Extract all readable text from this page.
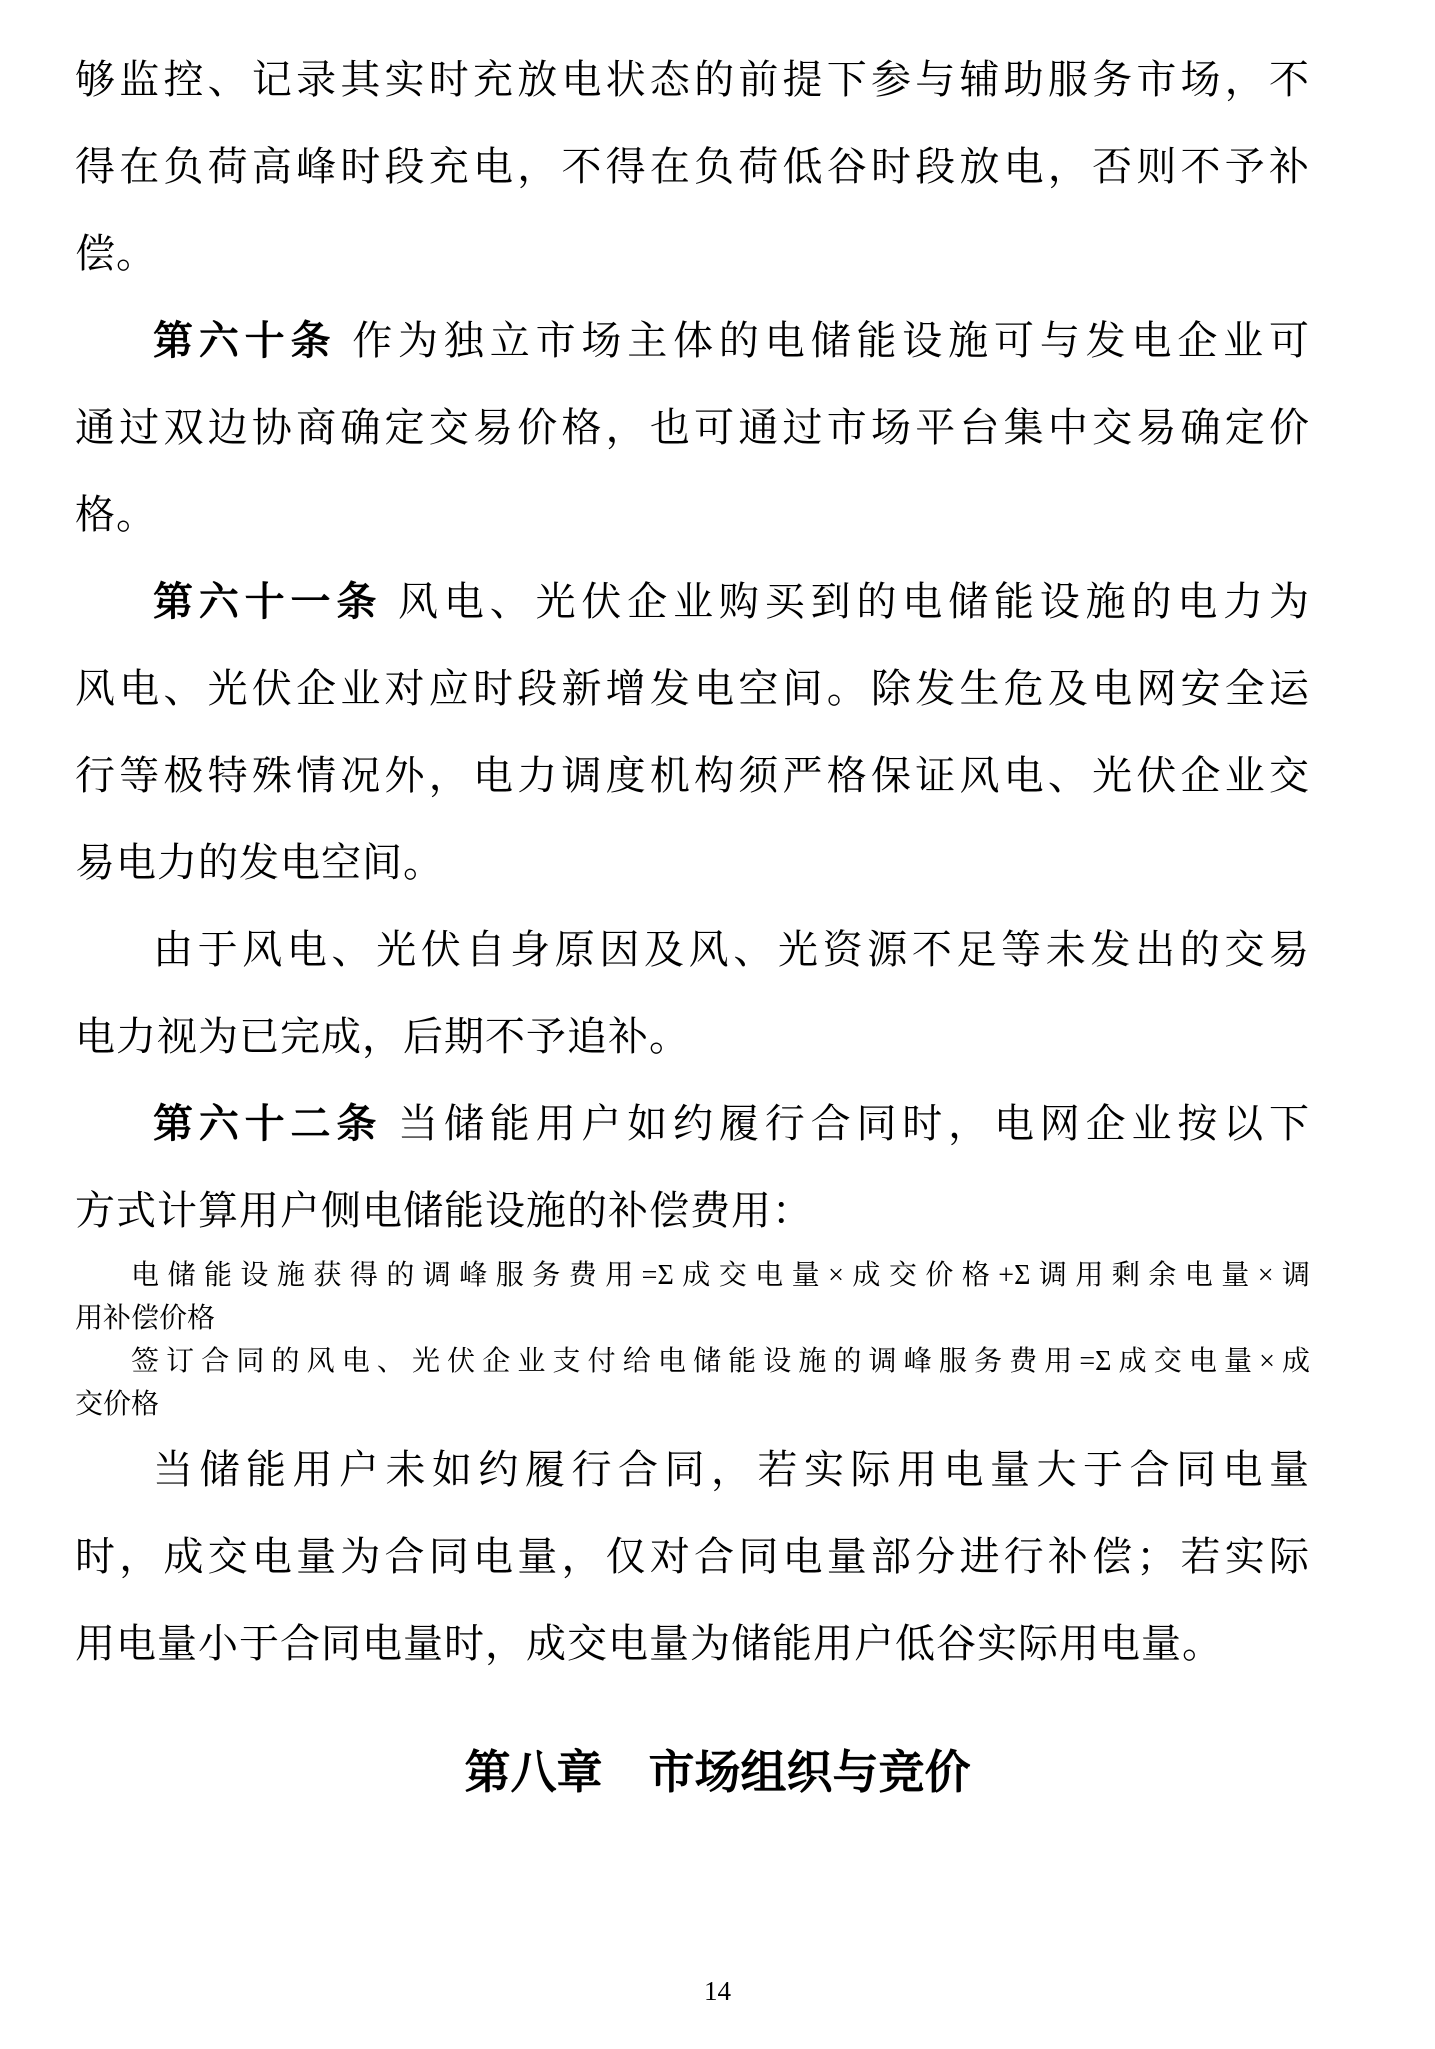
够监控、记录其实时充放电状态的前提下参与辅助服务市场，不
得在负荷高峰时段充电，不得在负荷低谷时段放电，否则不予补
偿。
第六十条 作为独立市场主体的电储能设施可与发电企业可
通过双边协商确定交易价格，也可通过市场平台集中交易确定价
格。
第六十一条 风电、光伏企业购买到的电储能设施的电力为
风电、光伏企业对应时段新增发电空间。除发生危及电网安全运
行等极特殊情况外，电力调度机构须严格保证风电、光伏企业交
易电力的发电空间。
由于风电、光伏自身原因及风、光资源不足等未发出的交易
电力视为已完成，后期不予追补。
第六十二条 当储能用户如约履行合同时，电网企业按以下
方式计算用户侧电储能设施的补偿费用：
电储能设施获得的调峰服务费用=Σ成交电量×成交价格+Σ调用剩余电量×调
用补偿价格
签订合同的风电、光伏企业支付给电储能设施的调峰服务费用=Σ成交电量×成
交价格
当储能用户未如约履行合同，若实际用电量大于合同电量
时，成交电量为合同电量，仅对合同电量部分进行补偿；若实际
用电量小于合同电量时，成交电量为储能用户低谷实际用电量。
第八章　市场组织与竞价
14
